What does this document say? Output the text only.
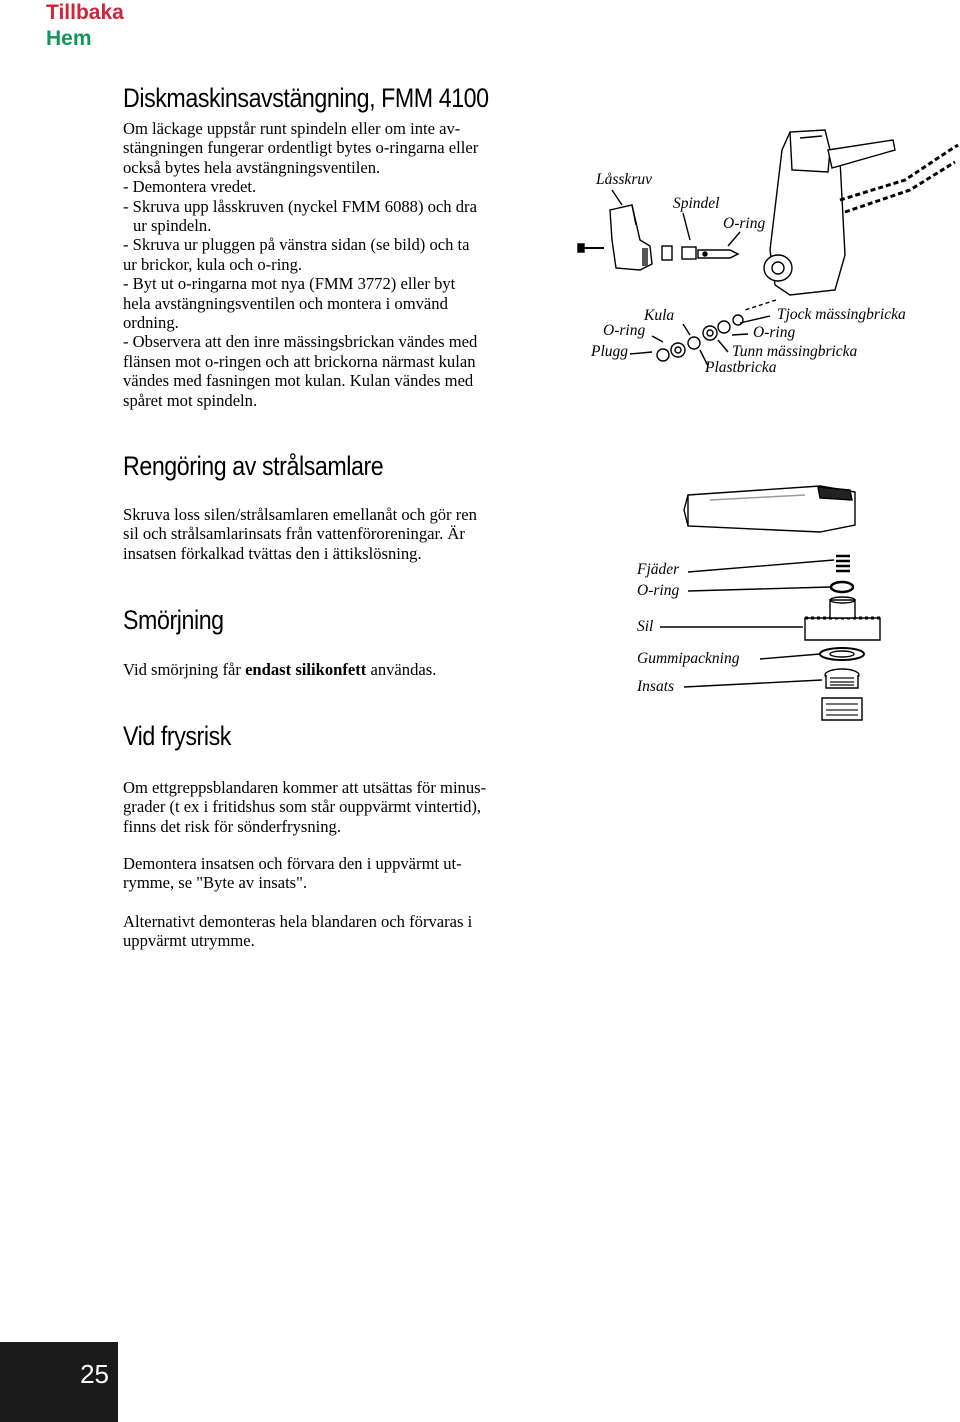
Tillbaka
Hem
Diskmaskinsavstängning, FMM 4100
Om läckage uppstår runt spindeln eller om inte av-
stängningen fungerar ordentligt bytes o-ringarna eller
också bytes hela avstängningsventilen.
- Demontera vredet.
- Skruva upp låsskruven (nyckel FMM 6088) och dra
ur spindeln.
- Skruva ur pluggen på vänstra sidan (se bild) och ta
ur brickor, kula och o-ring.
- Byt ut o-ringarna mot nya (FMM 3772) eller byt
hela avstängningsventilen och montera i omvänd
ordning.
- Observera att den inre mässingsbrickan vändes med
flänsen mot o-ringen och att brickorna närmast kulan
vändes med fasningen mot kulan. Kulan vändes med
spåret mot spindeln.
Låsskruv
Spindel
O-ring
Kula
O-ring
Plugg
Tjock mässingbricka
O-ring
Tunn mässingbricka
Plastbricka
Rengöring av strålsamlare
Skruva loss silen/strålsamlaren emellanåt och gör ren
sil och strålsamlarinsats från vattenföroreningar. Är
insatsen förkalkad tvättas den i ättikslösning.
Fjäder
O-ring
Sil
Gummipackning
Insats
Smörjning

Vid smörjning får endast silikonfett användas.

Vid frysrisk
Om ettgreppsblandaren kommer att utsättas för minus-
grader (t ex i fritidshus som står ouppvärmt vintertid),
finns det risk för sönderfrysning.
Demontera insatsen och förvara den i uppvärmt ut-
rymme, se "Byte av insats".
Alternativt demonteras hela blandaren och förvaras i
uppvärmt utrymme.
25
